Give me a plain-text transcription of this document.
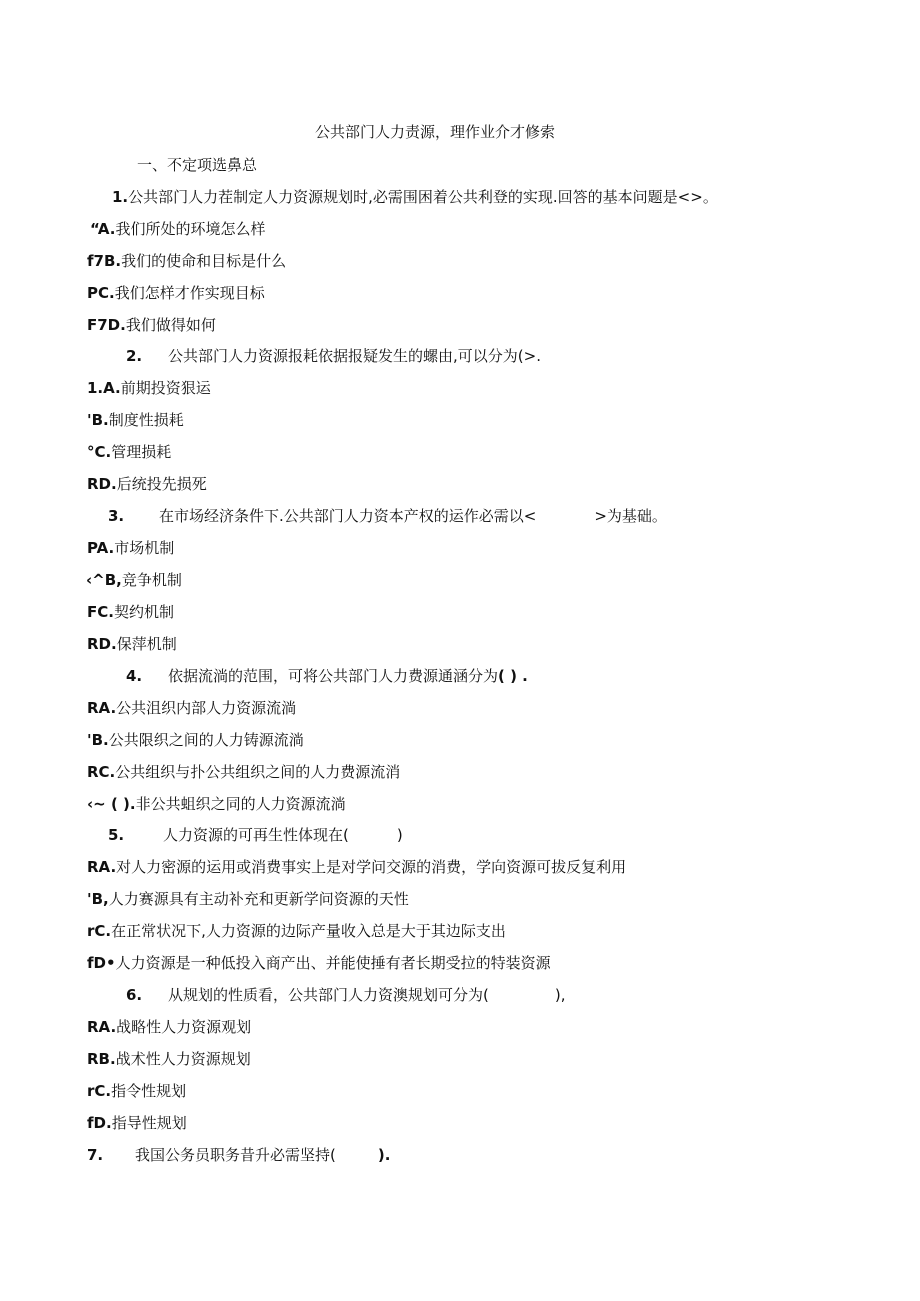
公共部门人力责源，理作业介才修索
一、不定项选鼻总
1.公共部门人力茬制定人力资源规划时,必需围困着公共利登的实现.回答的基本问题是<>。
“A.我们所处的环境怎么样
f7B.我们的使命和目标是什么
PC.我们怎样才作实现目标
F7D.我们做得如何
2. 公共部门人力资源报耗依据报疑发生的螺由,可以分为(>.
1.A.前期投资狠运
'B.制度性损耗
°C.管理损耗
RD.后统投先损死
3. 在市场经济条件下.公共部门人力资本产权的运作必需以<	>为基础。
PA.市场机制
‹^B,竞争机制
FC.契约机制
RD.保萍机制
4. 依据流淌的范围，可将公共部门人力费源通涵分为( ) .
RA.公共沮织内部人力资源流淌
'B.公共限织之间的人力铸源流淌
RC.公共组织与扑公共组织之间的人力费源流消
‹~ ( ).非公共蛆织之同的人力资源流淌
5.	人力资源的可再生性体现在(	)
RA.对人力密源的运用或消费事实上是对学问交源的消费，学向资源可拔反复利用
'B,人力赛源具有主动补充和更新学问资源的天性
rC.在正常状况下,人力资源的边际产量收入总是大于其边际支出
fD•人力资源是一种低投入商产出、并能使捶有者长期受拉的特装资源
6. 从规划的性质看，公共部门人力资澳规划可分为(	),
RA.战略性人力资源观划
RB.战术性人力资源规划
rC.指令性规划
fD.指导性规划
7. 我国公务员职务昔升必需坚持(	).
